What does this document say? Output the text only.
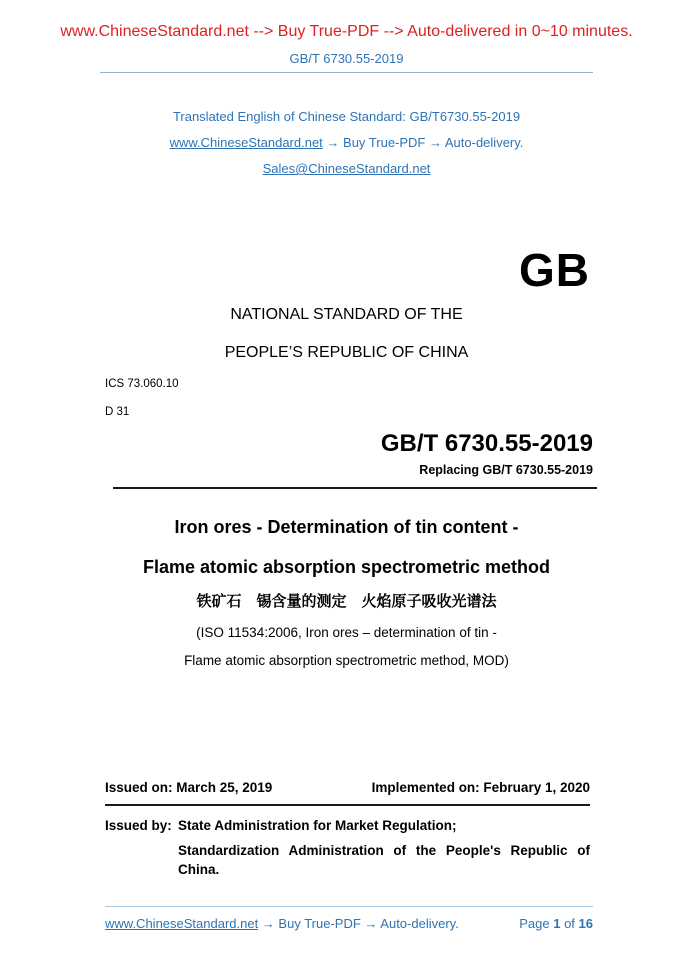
www.ChineseStandard.net --> Buy True-PDF --> Auto-delivered in 0~10 minutes.
GB/T 6730.55-2019
Translated English of Chinese Standard: GB/T6730.55-2019
www.ChineseStandard.net → Buy True-PDF → Auto-delivery.
Sales@ChineseStandard.net
GB
NATIONAL STANDARD OF THE
PEOPLE’S REPUBLIC OF CHINA
ICS 73.060.10
D 31
GB/T 6730.55-2019
Replacing GB/T 6730.55-2019
Iron ores - Determination of tin content -
Flame atomic absorption spectrometric method
铁矿石　锡含量的测定　火焰原子吸收光谱法
(ISO 11534:2006, Iron ores – determination of tin -
Flame atomic absorption spectrometric method, MOD)
Issued on: March 25, 2019	Implemented on: February 1, 2020
Issued by: State Administration for Market Regulation;
Standardization Administration of the People's Republic of
China.
www.ChineseStandard.net → Buy True-PDF → Auto-delivery.	Page 1 of 16
